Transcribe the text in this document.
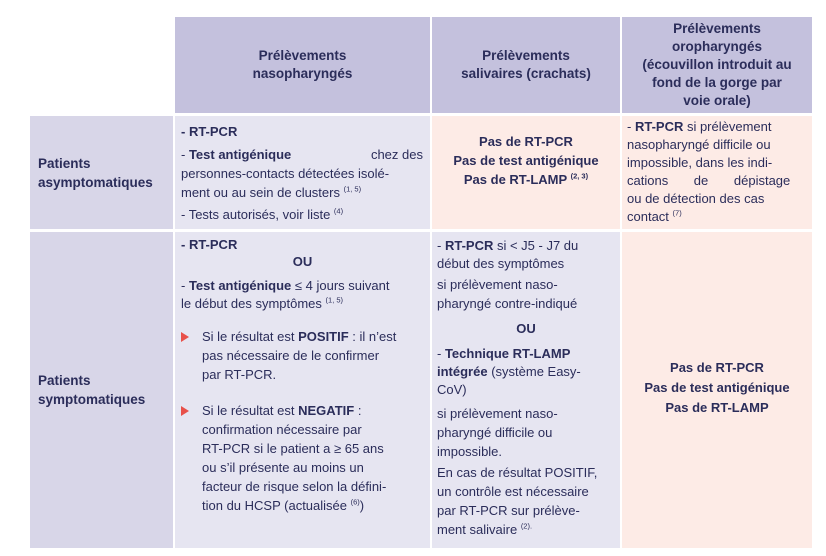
Prélèvements
nasopharyngés
Prélèvements
salivaires (crachats)
Prélèvements
oropharyngés
(écouvillon introduit au
fond de la gorge par
voie orale)
Patients
asymptomatiques
Patients
symptomatiques
- RT-PCR
- Test antigénique	chez des
personnes-contacts détectées isolé-
ment ou au sein de clusters $^{(1, 5)}$
- Tests autorisés, voir liste $^{(4)}$
Pas de RT-PCR
Pas de test antigénique
Pas de RT-LAMP $^{(2, 3)}$
- RT-PCR si prélèvement
nasopharyngé difficile ou
impossible, dans les indi-
cations de dépistage
ou de détection des cas
contact $^{(7)}$
- RT-PCR
OU
- Test antigénique ≤ 4 jours suivant
le début des symptômes $^{(1, 5)}$
Si le résultat est POSITIF : il n’est
pas nécessaire de le confirmer
par RT-PCR.
Si le résultat est NEGATIF :
confirmation nécessaire par
RT-PCR si le patient a ≥ 65 ans
ou s’il présente au moins un
facteur de risque selon la défini-
tion du HCSP (actualisée $^{(6)}$)
- RT-PCR si < J5 - J7 du
début des symptômes
si prélèvement naso-
pharyngé contre-indiqué
OU
- Technique RT-LAMP
intégrée (système Easy-
CoV)
si prélèvement naso-
pharyngé difficile ou
impossible.
En cas de résultat POSITIF,
un contrôle est nécessaire
par RT-PCR sur prélève-
ment salivaire $^{(2).}$
Pas de RT-PCR
Pas de test antigénique
Pas de RT-LAMP
